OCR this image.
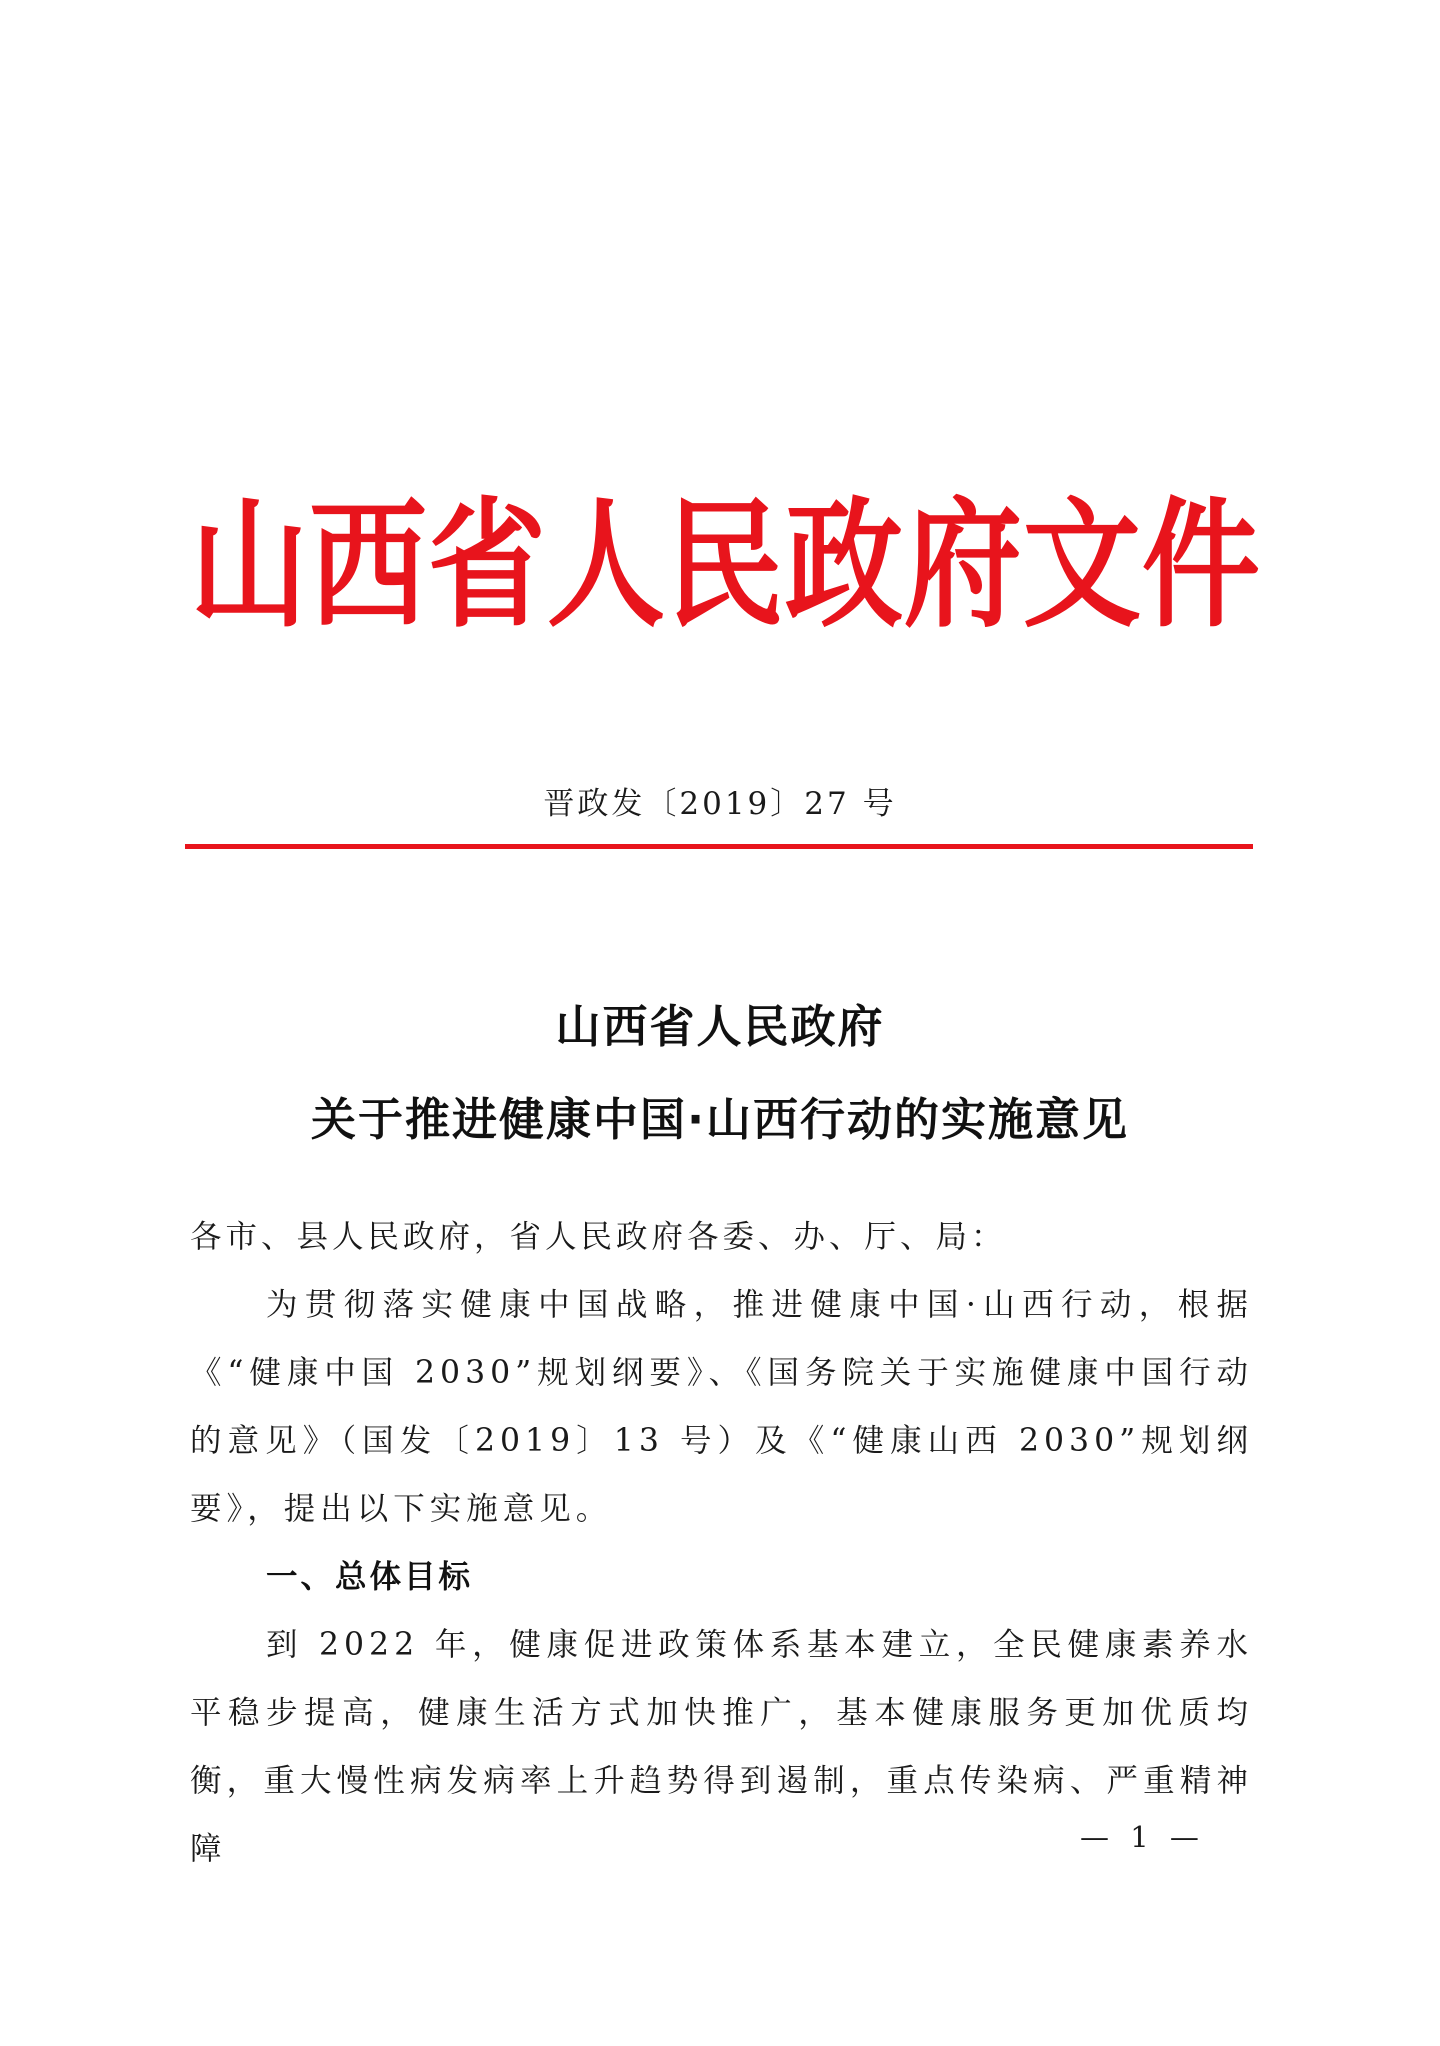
山 西 省 人 民 政 府 文 件
晋政发〔2019〕27 号
山西省人民政府
关于推进健康中国·山西行动的实施意见
各市、县人民政府，省人民政府各委、办、厅、局：
为贯彻落实健康中国战略，推进健康中国·山西行动，根据《“健康中国 2030”规划纲要》、《国务院关于实施健康中国行动的意见》（国发〔2019〕13 号）及《“健康山西 2030”规划纲要》，提出以下实施意见。
一、总体目标
到 2022 年，健康促进政策体系基本建立，全民健康素养水平稳步提高，健康生活方式加快推广，基本健康服务更加优质均衡，重大慢性病发病率上升趋势得到遏制，重点传染病、严重精神障	— 1 —
